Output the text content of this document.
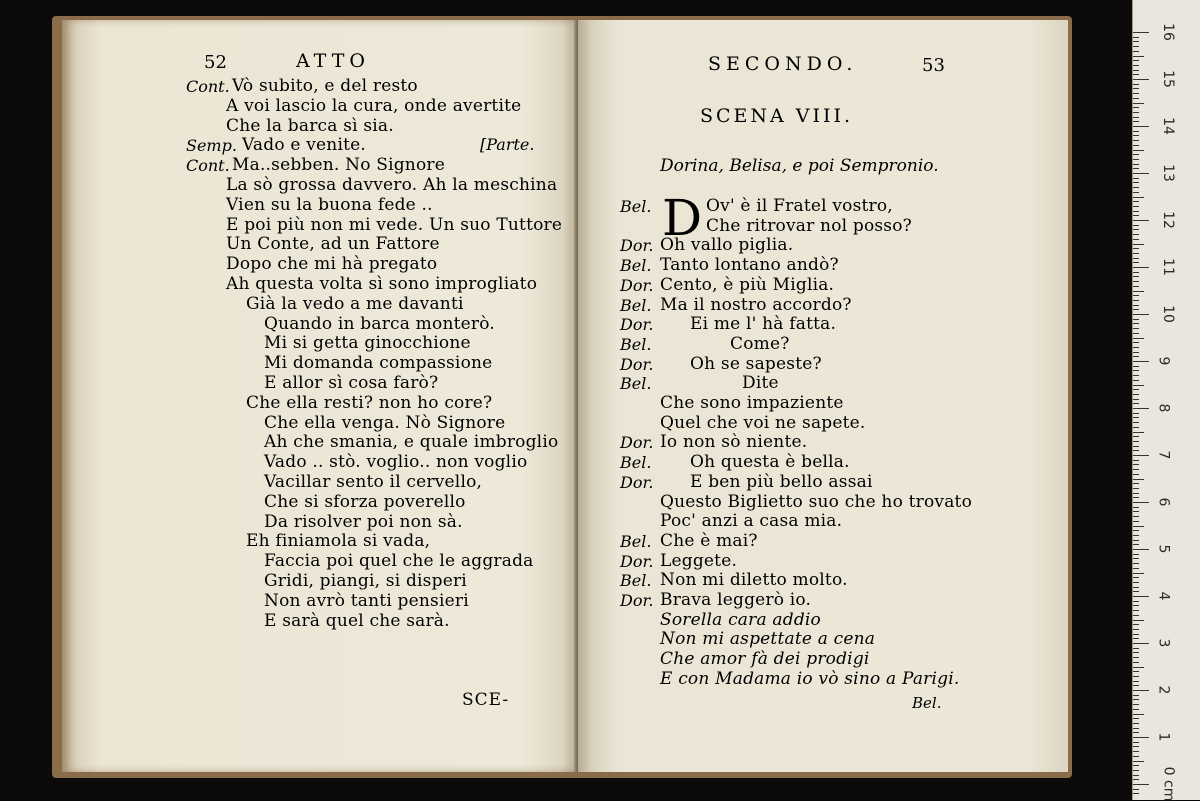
52	ATTO
Cont. Vò subito, e del resto
A voi lascio la cura, onde avertite
Che la barca sì sia.
Semp. Vado e venite.
Cont. Ma..sebben. No Signore
La sò grossa davvero. Ah la meschina
Vien su la buona fede ..
E poi più non mi vede. Un suo Tuttore
Un Conte, ad un Fattore
Dopo che mi hà pregato
Ah questa volta sì sono improgliato
Già la vedo a me davanti
Quando in barca monterò.
Mi si getta ginocchione
Mi domanda compassione
E allor sì cosa farò?
Che ella resti? non ho core?
Che ella venga. Nò Signore
Ah che smania, e quale imbroglio
Vado .. stò. voglio.. non voglio
Vacillar sento il cervello,
Che si sforza poverello
Da risolver poi non sà.
Eh finiamola si vada,
Faccia poi quel che le aggrada
Gridi, piangi, si disperi
Non avrò tanti pensieri
E sarà quel che sarà.
[Parte.
SCE-
SECONDO.	53
SCENA VIII.
Dorina, Belisa, e poi Sempronio.
D
Bel.	Ov' è il Fratel vostro,
Che ritrovar nol posso?
Dor. Oh vallo piglia.
Bel. Tanto lontano andò?
Dor. Cento, è più Miglia.
Bel. Ma il nostro accordo?
Dor. Ei me l' hà fatta.
Bel.	Come?
Dor. Oh se sapeste?
Bel.	Dite
Che sono impaziente
Quel che voi ne sapete.
Dor. Io non sò niente.
Bel. Oh questa è bella.
Dor. E ben più bello assai
Questo Biglietto suo che ho trovato
Poc' anzi a casa mia.
Bel. Che è mai?
Dor. Leggete.
Bel. Non mi diletto molto.
Dor. Brava leggerò io.
Sorella cara addio
Non mi aspettate a cena
Che amor fà dei prodigi
E con Madama io vò sino a Parigi.
Bel.
16
15
14
13
12
11
10
9
8
7
6
5
4
3
2
1
0 cm
